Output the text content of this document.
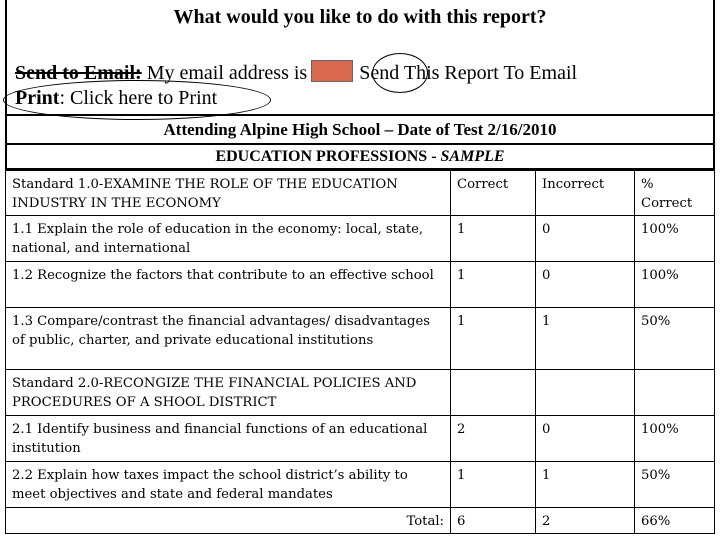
What would you like to do with this report?
Send to Email: My email address is	Send This Report To Email
Print: Click here to Print
Attending Alpine High School – Date of Test 2/16/2010
EDUCATION PROFESSIONS - SAMPLE
Standard 1.0-EXAMINE THE ROLE OF THE EDUCATION INDUSTRY IN THE ECONOMY	Correct	Incorrect	% Correct
1.1 Explain the role of education in the economy: local, state, national, and international	1	0	100%
1.2 Recognize the factors that contribute to an effective school	1	0	100%
1.3 Compare/contrast the financial advantages/ disadvantages of public, charter, and private educational institutions	1	1	50%
Standard 2.0-RECONGIZE THE FINANCIAL POLICIES AND PROCEDURES OF A SHOOL DISTRICT			
2.1 Identify business and financial functions of an educational institution	2	0	100%
2.2 Explain how taxes impact the school district’s ability to meet objectives and state and federal mandates	1	1	50%
Total:	6	2	66%
